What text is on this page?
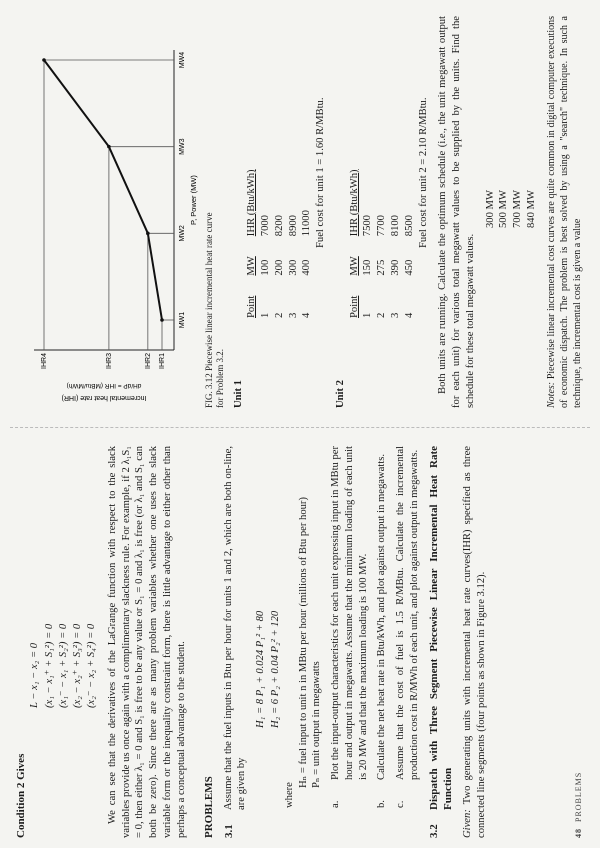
Condition 2 Gives
L − x₁ − x₂ = 0 (x₁ − x₁⁺ + S₁²) = 0 (x₁⁻ − x₁ + S₂²) = 0 (x₂ − x₂⁺ + S₃²) = 0 (x₂⁻ − x₂ + S₄²) = 0 We can see that the derivatives of the LaGrange function with respect to the slack variables provide us once again with a complimentary slackness rule. For example, if 2 λ₁S₁ = 0, then either λ₁ = 0 and S₁ is free to be any value or S₁ = 0 and λ₁ is free (or λ₁ and S₁ can both be zero). Since there are as many problem variables whether one uses the slack variable form or the inequality constraint form, there is little advantage to either other than perhaps a conceptual advantage to the student. PROBLEMS 3.1
Assume that the fuel inputs in Btu per hour for units 1 and 2, which are both on-line, are given by
H₁ = 8 P₁ + 0.024 P₁² + 80 H₂ = 6 P₂ + 0.04 P₂² + 120
where
Hₙ = fuel input to unit n in MBtu per hour (millions of Btu per hour) Pₙ = unit output in megawatts
a.
Plot the input-output characteristics for each unit expressing input in MBtu per hour and output in megawatts. Assume that the minimum loading of each unit is 20 MW and that the maximum loading is 100 MW.
b.
Calculate the net heat rate in Btu/kWh, and plot against output in megawatts.
c.
Assume that the cost of fuel is 1.5 R/MBtu. Calculate the incremental production cost in R/MWh of each unit, and plot against output in megawatts.
3.2
Dispatch with Three Segment Piecewise Linear Incremental Heat Rate Function

Given: Two generating units with incremental heat rate curves(IHR) specified as three connected line segments (four points as shown in Figure 3.12).	48  PROBLEMS
MW1
MW2
MW3
MW4
IHR1
IHR2
IHR3
IHR4
P, Power (MW)
Incremental heat rate (IHR)
dH/dP = IHR (MBtu/MWh)	FIG. 3.12 Piecewise linear incremental heat rate curve for Problem 3.2. Unit 1
Point	MW	IHR (Btu/kWh)
1	100	7000
2	200	8200
3	300	8900
4	400	11000 Fuel cost for unit 1 = 1.60 R/MBtu.
Unit 2
Point	MW	IHR (Btu/kWh)
1	150	7500
2	275	7700
3	390	8100
4	450	8500 Fuel cost for unit 2 = 2.10 R/MBtu. Both units are running. Calculate the optimum schedule (i.e., the unit megawatt output for each unit) for various total megawatt values to be supplied by the units. Find the schedule for these total megawatt values.

300 MW 500 MW 700 MW 840 MW

Notes: Piecewise linear incremental cost curves are quite common in digital computer executions of economic dispatch. The problem is best solved by using a "search" technique. In such a technique, the incremental cost is given a value
